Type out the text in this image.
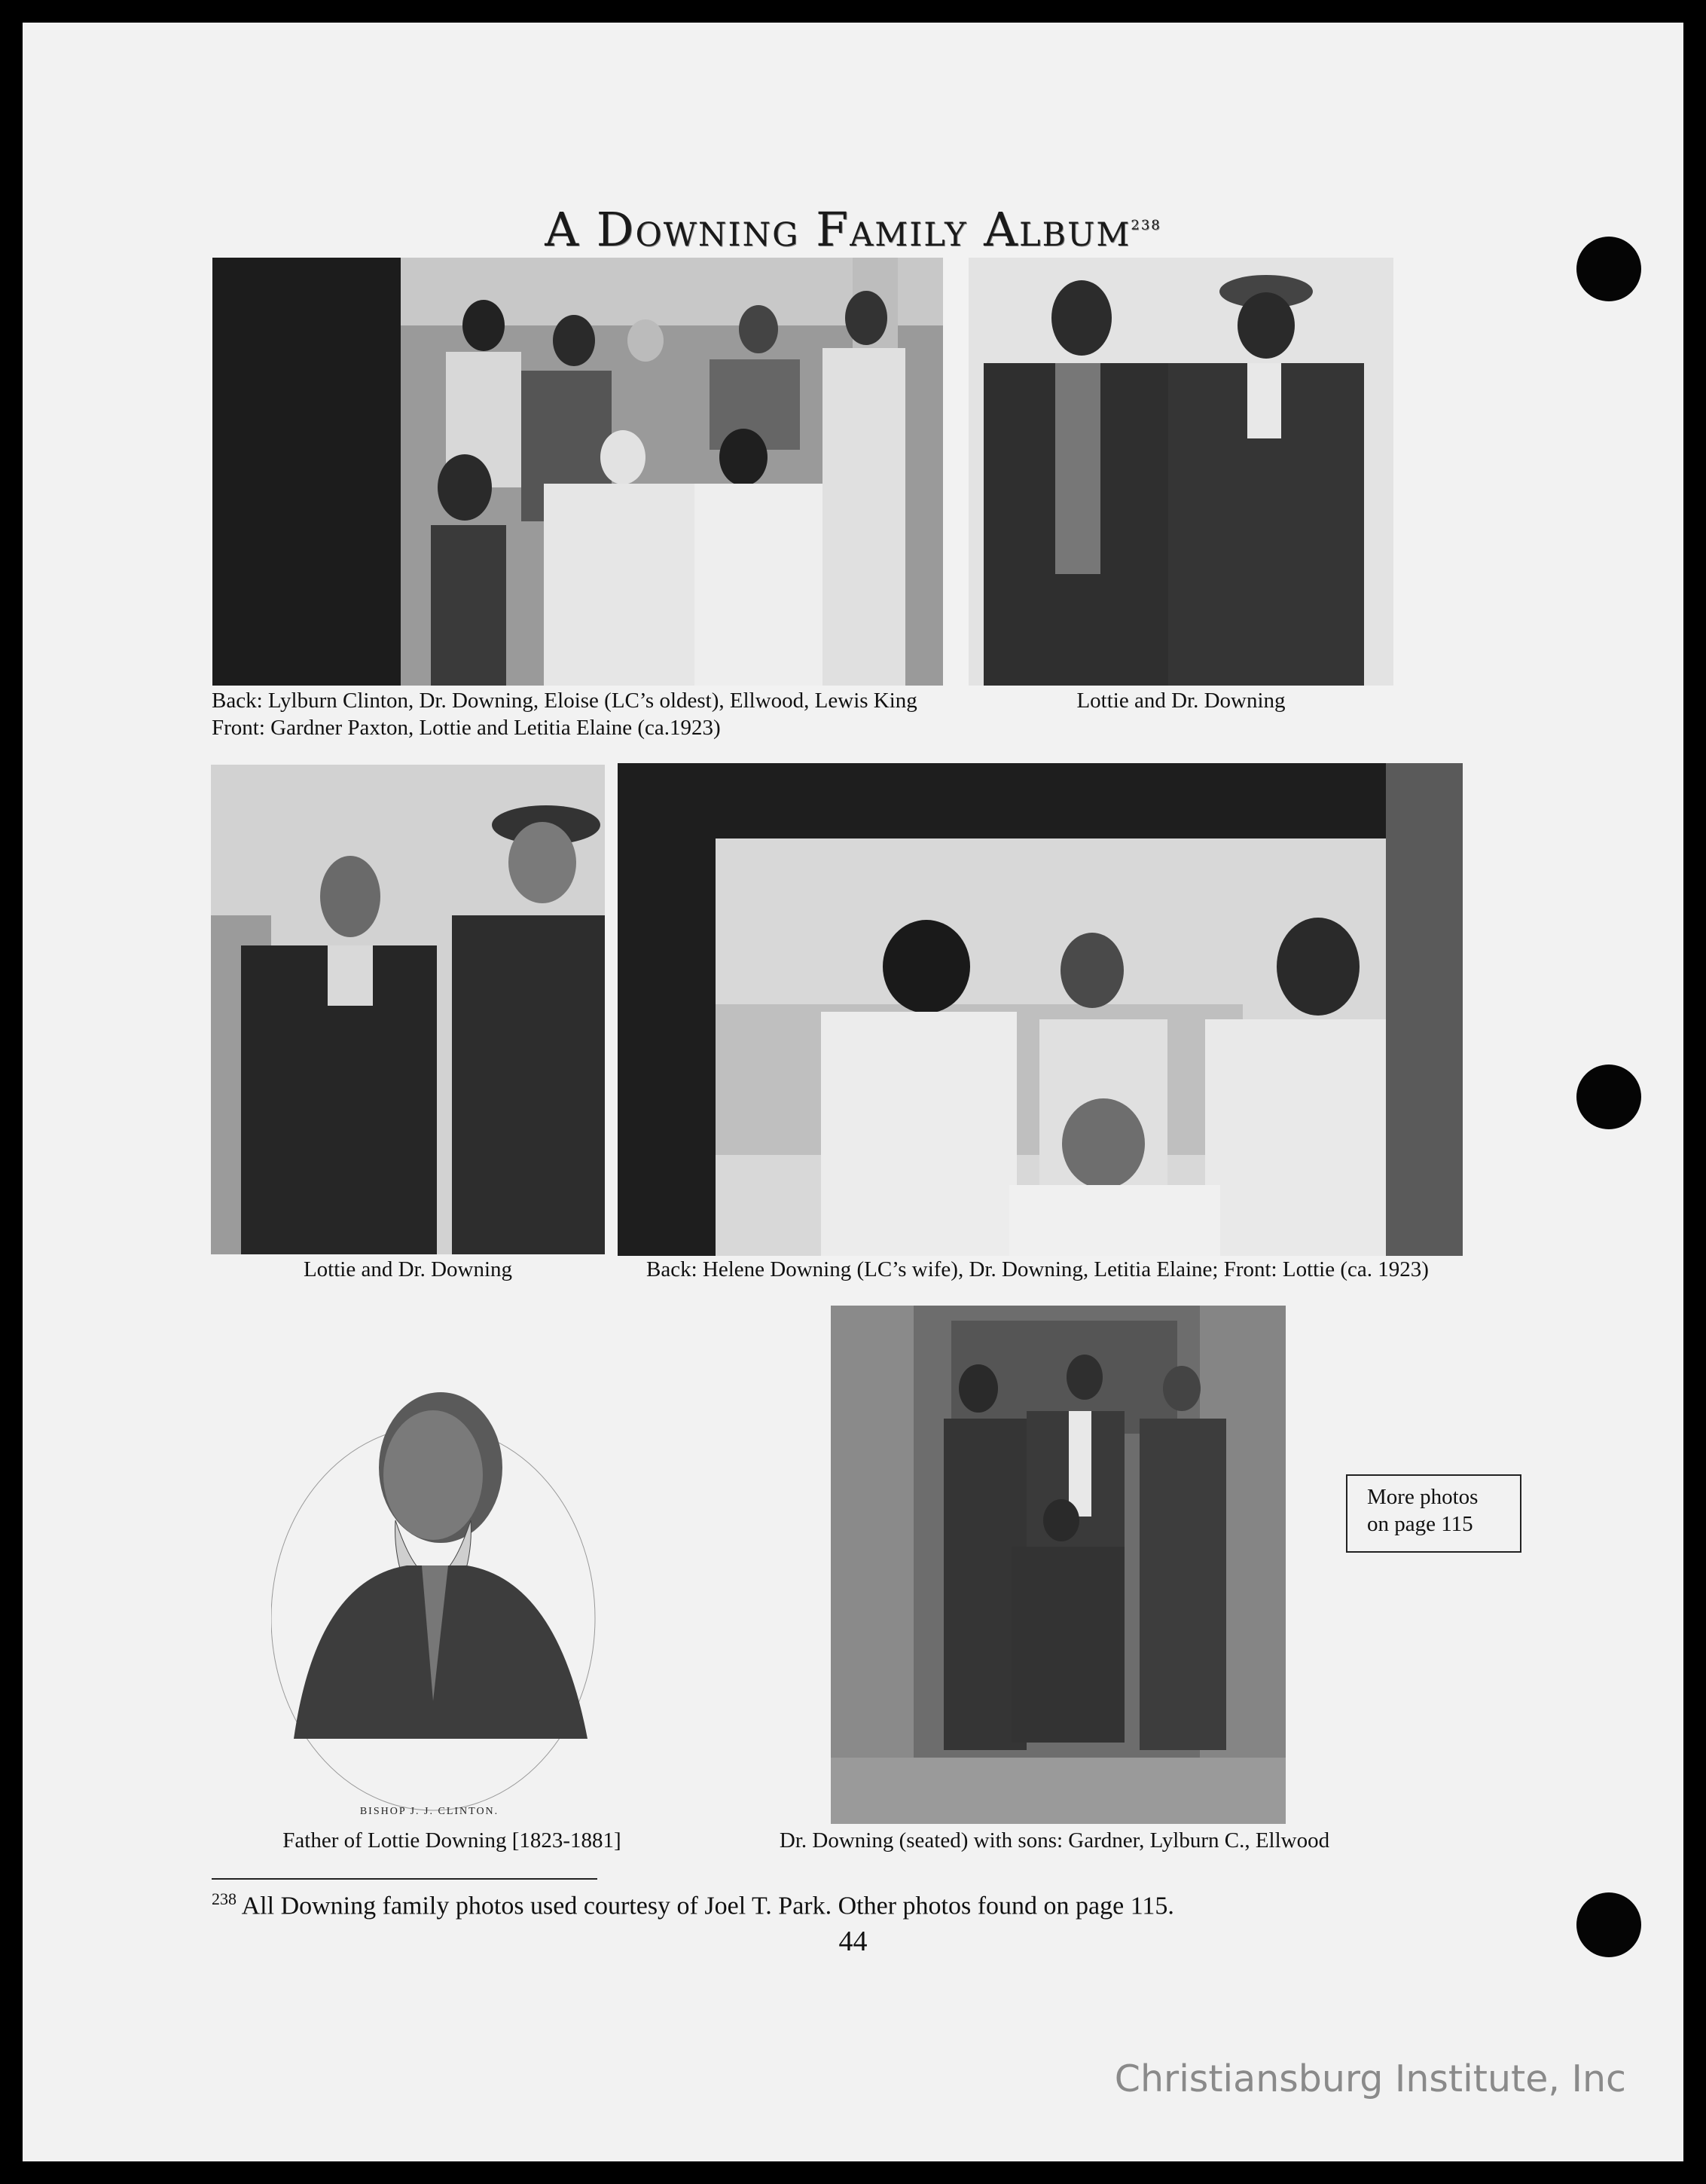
A Downing Family Album$^{238}$
Back: Lylburn Clinton, Dr. Downing, Eloise (LC’s oldest), Ellwood, Lewis King
Front: Gardner Paxton, Lottie and Letitia Elaine (ca.1923)
Lottie and Dr. Downing
Lottie and Dr. Downing	Back: Helene Downing (LC’s wife), Dr. Downing, Letitia Elaine; Front: Lottie (ca. 1923)
BISHOP J. J. CLINTON.
Father of Lottie Downing [1823-1881]	Dr. Downing (seated) with sons: Gardner, Lylburn C., Ellwood
More photos
on page 115
$^{238}$ All Downing family photos used courtesy of Joel T. Park. Other photos found on page 115.
44
Christiansburg Institute, Inc
